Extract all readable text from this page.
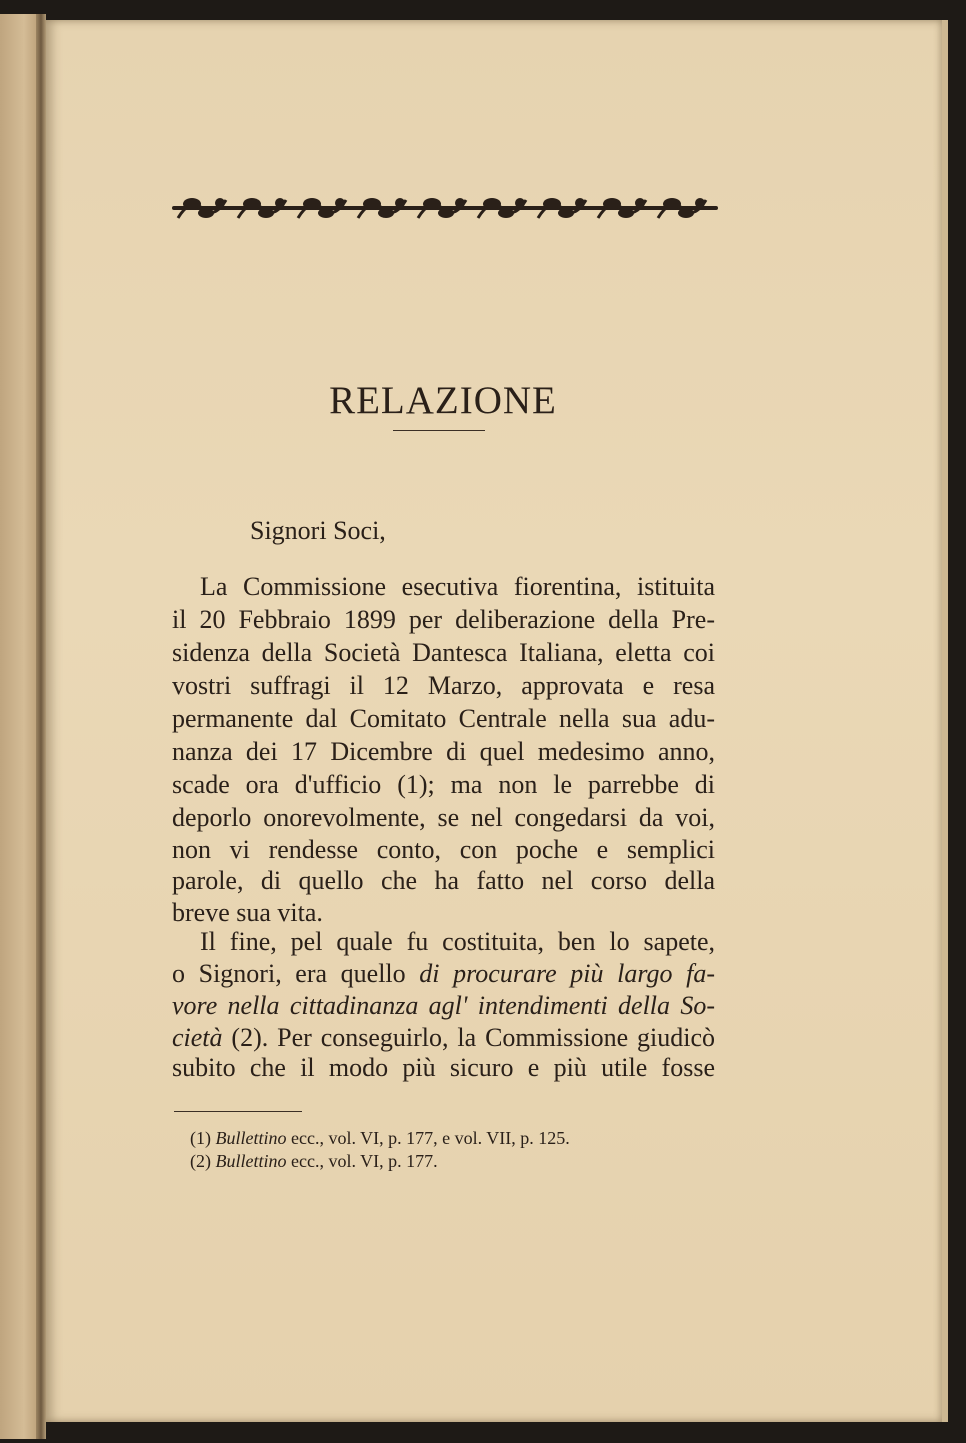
RELAZIONE
Signori Soci,
La Commissione esecutiva fiorentina, istituita
il 20 Febbraio 1899 per deliberazione della Pre-
sidenza della Società Dantesca Italiana, eletta coi
vostri suffragi il 12 Marzo, approvata e resa
permanente dal Comitato Centrale nella sua adu-
nanza dei 17 Dicembre di quel medesimo anno,
scade ora d'ufficio (1); ma non le parrebbe di
deporlo onorevolmente, se nel congedarsi da voi,
non vi rendesse conto, con poche e semplici
parole, di quello che ha fatto nel corso della
breve sua vita.
Il fine, pel quale fu costituita, ben lo sapete,
o Signori, era quello di procurare più largo fa-
vore nella cittadinanza agl' intendimenti della So-
cietà (2). Per conseguirlo, la Commissione giudicò
subito che il modo più sicuro e più utile fosse
(1) Bullettino ecc., vol. VI, p. 177, e vol. VII, p. 125.
(2) Bullettino ecc., vol. VI, p. 177.
